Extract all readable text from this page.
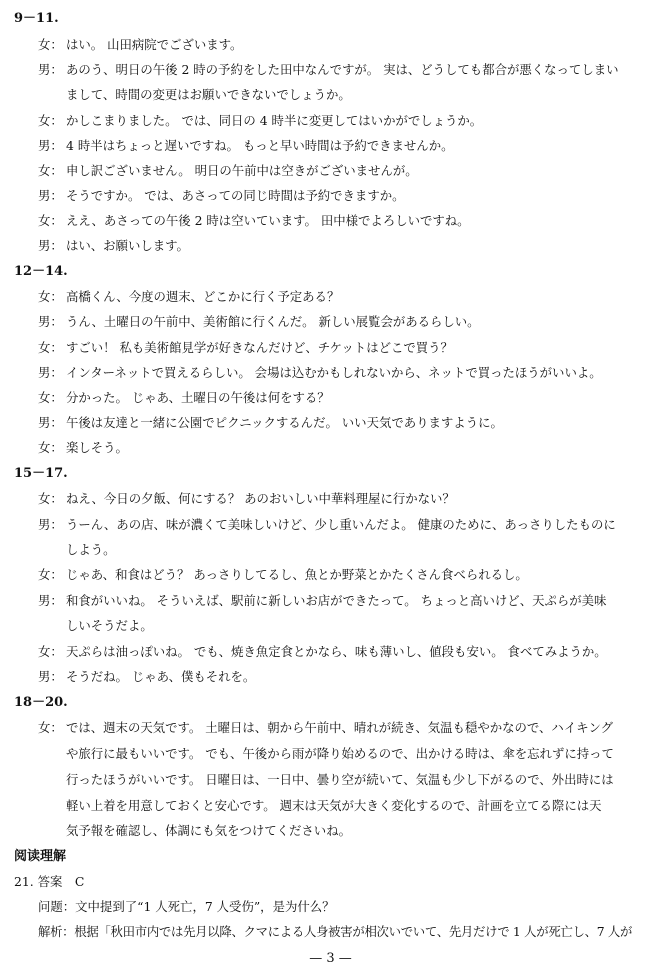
9－11.
女： はい。 山田病院でございます。
男： あのう、明日の午後 2 時の予約をした田中なんですが。 実は、どうしても都合が悪くなってしまい
まして、時間の変更はお願いできないでしょうか。
女： かしこまりました。 では、同日の 4 時半に変更してはいかがでしょうか。
男： 4 時半はちょっと遅いですね。 もっと早い時間は予約できませんか。
女： 申し訳ございません。 明日の午前中は空きがございませんが。
男： そうですか。 では、あさっての同じ時間は予約できますか。
女： ええ、あさっての午後 2 時は空いています。 田中様でよろしいですね。
男： はい、お願いします。
12－14.
女： 高橋くん、今度の週末、どこかに行く予定ある？
男： うん、土曜日の午前中、美術館に行くんだ。 新しい展覧会があるらしい。
女： すごい！ 私も美術館見学が好きなんだけど、チケットはどこで買う？
男： インターネットで買えるらしい。 会場は込むかもしれないから、ネットで買ったほうがいいよ。
女： 分かった。 じゃあ、土曜日の午後は何をする？
男： 午後は友達と一緒に公園でピクニックするんだ。 いい天気でありますように。
女： 楽しそう。
15－17.
女： ねえ、今日の夕飯、何にする？ あのおいしい中華料理屋に行かない？
男： うーん、あの店、味が濃くて美味しいけど、少し重いんだよ。 健康のために、あっさりしたものに
しよう。
女： じゃあ、和食はどう？ あっさりしてるし、魚とか野菜とかたくさん食べられるし。
男： 和食がいいね。 そういえば、駅前に新しいお店ができたって。 ちょっと高いけど、天ぷらが美味
しいそうだよ。
女： 天ぷらは油っぽいね。 でも、焼き魚定食とかなら、味も薄いし、値段も安い。 食べてみようか。
男： そうだね。 じゃあ、僕もそれを。
18－20.
女： では、週末の天気です。 土曜日は、朝から午前中、晴れが続き、気温も穏やかなので、ハイキング
や旅行に最もいいです。 でも、午後から雨が降り始めるので、出かける時は、傘を忘れずに持って
行ったほうがいいです。 日曜日は、一日中、曇り空が続いて、気温も少し下がるので、外出時には
軽い上着を用意しておくと安心です。 週末は天気が大きく変化するので、計画を立てる際には天
気予報を確認し、体調にも気をつけてくださいね。
阅读理解
21. 答案　C
问题：文中提到了“1 人死亡，7 人受伤”，是为什么？
解析：根据「秋田市内では先月以降、クマによる人身被害が相次いでいて、先月だけで 1 人が死亡し、7 人が
— 3 —
